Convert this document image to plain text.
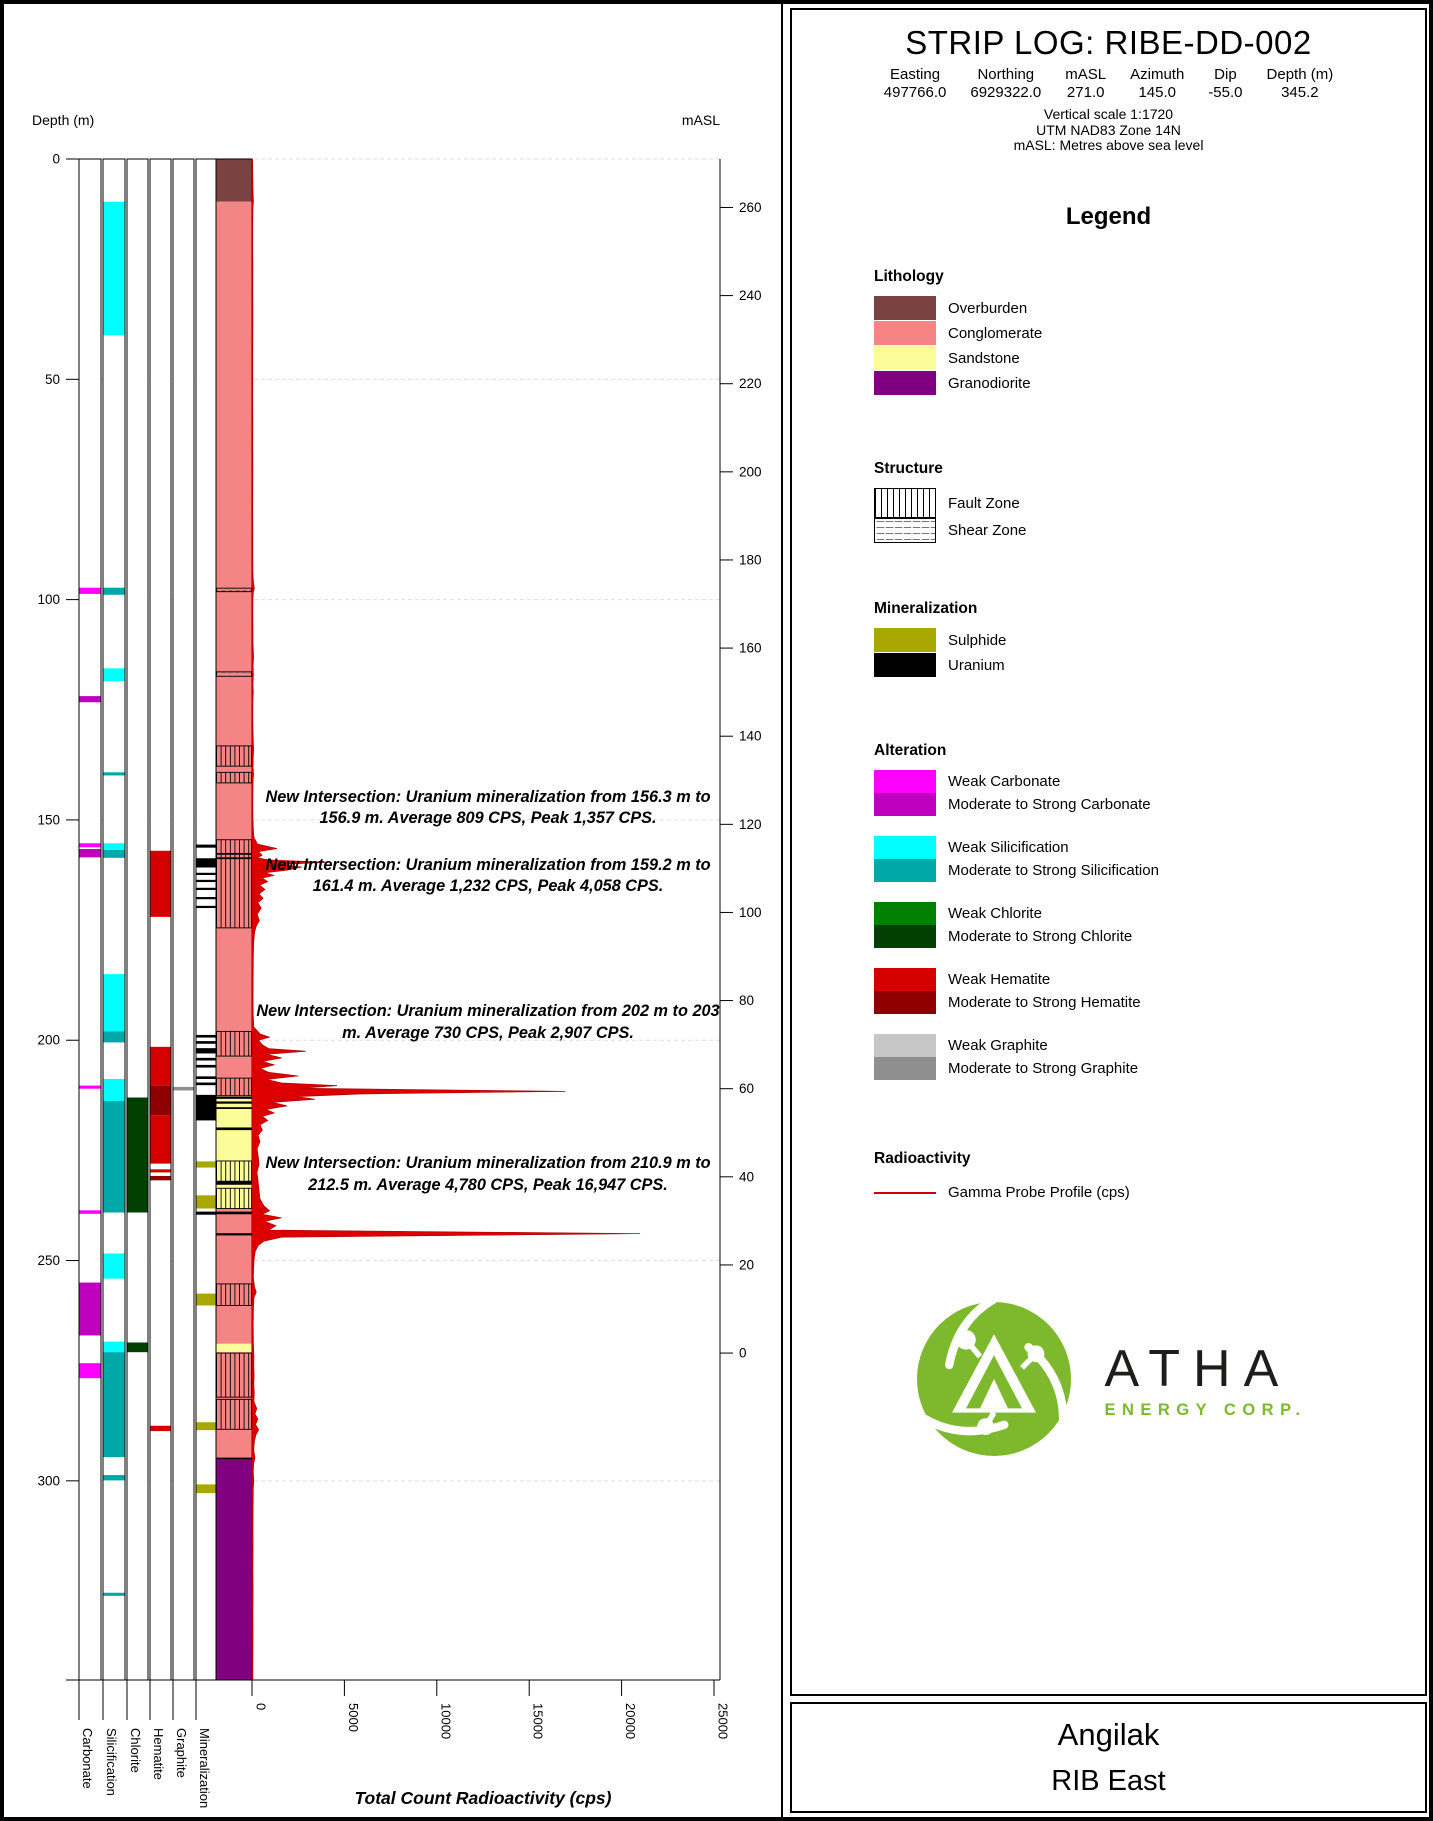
Depth (m)
0
50
100
150
200
250
300
mASL
260
240
220
200
180
160
140
120
100
80
60
40
20
0
Carbonate Silicification Chlorite Hematite Graphite Mineralization
0	5000	10000	15000	20000	25000
Total Count Radioactivity (cps)
New Intersection: Uranium mineralization from 156.3 m to 156.9 m. Average 809 CPS, Peak 1,357 CPS.
New Intersection: Uranium mineralization from 159.2 m to 161.4 m. Average 1,232 CPS, Peak 4,058 CPS.
New Intersection: Uranium mineralization from 202 m to 203 m. Average 730 CPS, Peak 2,907 CPS.
New Intersection: Uranium mineralization from 210.9 m to 212.5 m. Average 4,780 CPS, Peak 16,947 CPS.
STRIP LOG: RIBE-DD-002
Easting
497766.0
Northing
6929322.0
mASL
271.0
Azimuth
145.0
Dip
-55.0
Depth (m)
345.2
Vertical scale 1:1720
UTM NAD83 Zone 14N
mASL: Metres above sea level
Legend
Lithology
Overburden
Conglomerate
Sandstone
Granodiorite
Structure
Fault Zone
Shear Zone
Mineralization
Sulphide
Uranium
Alteration
Weak Carbonate
Moderate to Strong Carbonate
Weak Silicification
Moderate to Strong Silicification
Weak Chlorite
Moderate to Strong Chlorite
Weak Hematite
Moderate to Strong Hematite
Weak Graphite
Moderate to Strong Graphite
Radioactivity
Gamma Probe Profile (cps)
ATHA
ENERGY CORP.
Angilak
RIB East
